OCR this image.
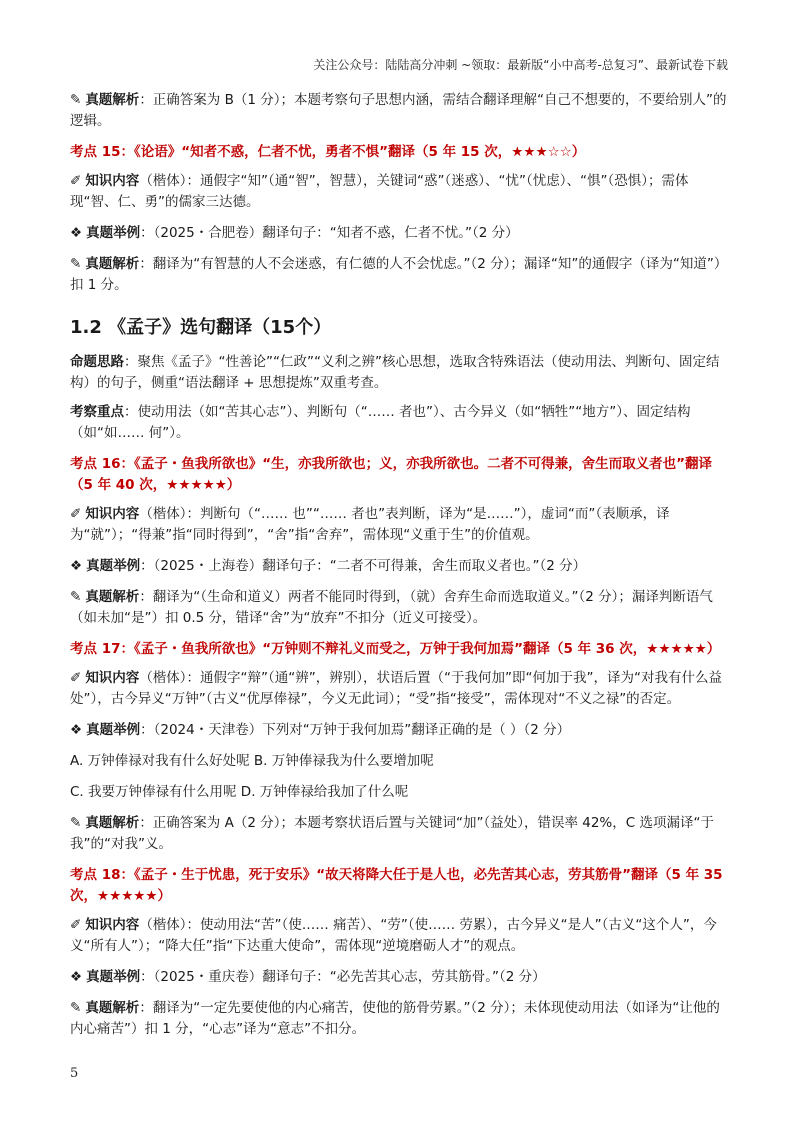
关注公众号：陆陆高分冲刺 ~领取：最新版“小中高考-总复习”、最新试卷下载

✎ 真题解析：正确答案为 B（1 分）；本题考察句子思想内涵，需结合翻译理解“自己不想要的，不要给别人”的逻辑。

考点 15：《论语》“知者不惑，仁者不忧，勇者不惧”翻译（5 年 15 次，★★★☆☆）

✐ 知识内容（楷体）：通假字“知”（通“智”，智慧），关键词“惑”（迷惑）、“忧”（忧虑）、“惧”（恐惧）；需体现“智、仁、勇”的儒家三达德。

❖ 真题举例：（2025・合肥卷）翻译句子：“知者不惑，仁者不忧。”（2 分）

✎ 真题解析：翻译为“有智慧的人不会迷惑，有仁德的人不会忧虑。”（2 分）；漏译“知”的通假字（译为“知道”）扣 1 分。

1.2 《孟子》选句翻译（15个）

命题思路：聚焦《孟子》“性善论”“仁政”“义利之辨”核心思想，选取含特殊语法（使动用法、判断句、固定结构）的句子，侧重“语法翻译 + 思想提炼”双重考查。

考察重点：使动用法（如“苦其心志”）、判断句（“…… 者也”）、古今异义（如“牺牲”“地方”）、固定结构（如“如…… 何”）。

考点 16：《孟子・鱼我所欲也》“生，亦我所欲也；义，亦我所欲也。二者不可得兼，舍生而取义者也”翻译（5 年 40 次，★★★★★）

✐ 知识内容（楷体）：判断句（“…… 也”“…… 者也”表判断，译为“是……”），虚词“而”（表顺承，译为“就”）；“得兼”指“同时得到”，“舍”指“舍弃”，需体现“义重于生”的价值观。

❖ 真题举例：（2025・上海卷）翻译句子：“二者不可得兼，舍生而取义者也。”（2 分）

✎ 真题解析：翻译为“（生命和道义）两者不能同时得到，（就）舍弃生命而选取道义。”（2 分）；漏译判断语气（如未加“是”）扣 0.5 分，错译“舍”为“放弃”不扣分（近义可接受）。

考点 17：《孟子・鱼我所欲也》“万钟则不辩礼义而受之，万钟于我何加焉”翻译（5 年 36 次，★★★★★）

✐ 知识内容（楷体）：通假字“辩”（通“辨”，辨别），状语后置（“于我何加”即“何加于我”，译为“对我有什么益处”），古今异义“万钟”（古义“优厚俸禄”，今义无此词）；“受”指“接受”，需体现对“不义之禄”的否定。

❖ 真题举例：（2024・天津卷）下列对“万钟于我何加焉”翻译正确的是（ ）（2 分）

A. 万钟俸禄对我有什么好处呢 B. 万钟俸禄我为什么要增加呢

C. 我要万钟俸禄有什么用呢 D. 万钟俸禄给我加了什么呢

✎ 真题解析：正确答案为 A（2 分）；本题考察状语后置与关键词“加”（益处），错误率 42%，C 选项漏译“于我”的“对我”义。

考点 18：《孟子・生于忧患，死于安乐》“故天将降大任于是人也，必先苦其心志，劳其筋骨”翻译（5 年 35 次，★★★★★）

✐ 知识内容（楷体）：使动用法“苦”（使…… 痛苦）、“劳”（使…… 劳累），古今异义“是人”（古义“这个人”，今义“所有人”）；“降大任”指“下达重大使命”，需体现“逆境磨砺人才”的观点。

❖ 真题举例：（2025・重庆卷）翻译句子：“必先苦其心志，劳其筋骨。”（2 分）

✎ 真题解析：翻译为“一定先要使他的内心痛苦，使他的筋骨劳累。”（2 分）；未体现使动用法（如译为“让他的内心痛苦”）扣 1 分，“心志”译为“意志”不扣分。

5
